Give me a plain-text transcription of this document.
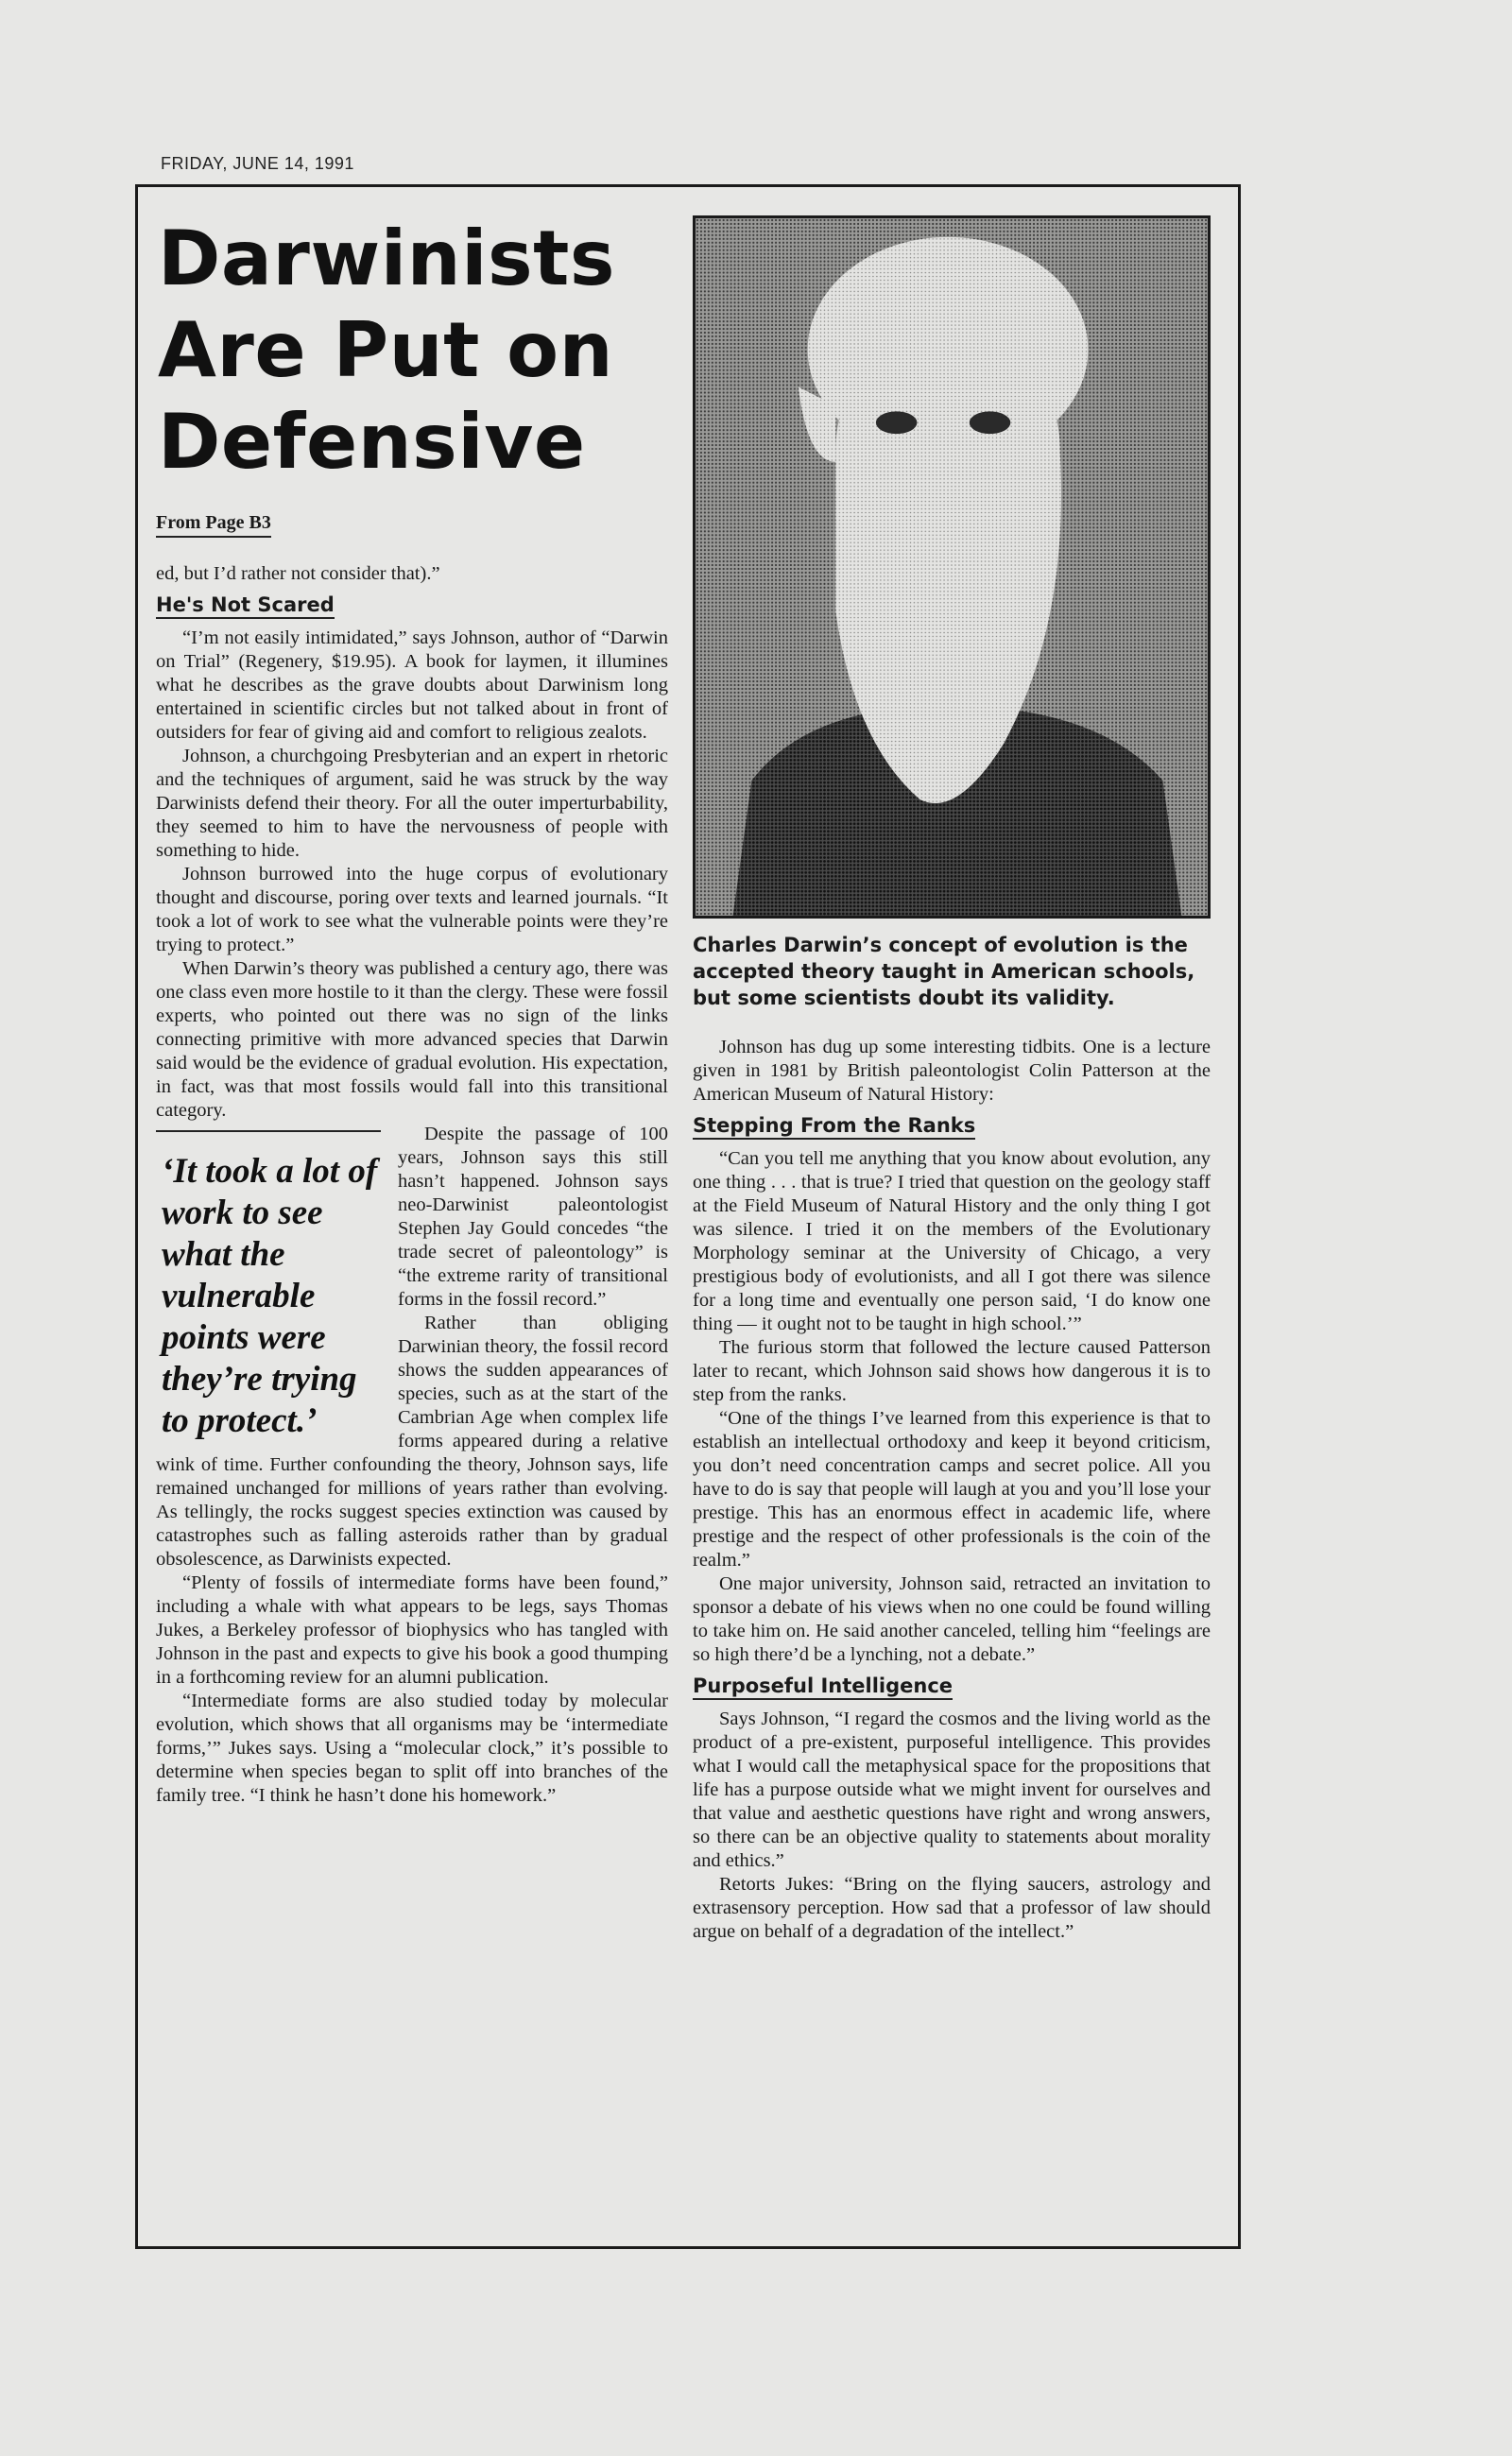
FRIDAY, JUNE 14, 1991
Darwinists Are Put on Defensive
From Page B3

ed, but I’d rather not consider that).”

He's Not Scared

“I’m not easily intimidated,” says Johnson, author of “Darwin on Trial” (Regenery, $19.95). A book for laymen, it illumines what he describes as the grave doubts about Darwinism long entertained in scientific circles but not talked about in front of outsiders for fear of giving aid and comfort to religious zealots.

Johnson, a churchgoing Presbyterian and an expert in rhetoric and the techniques of argument, said he was struck by the way Darwinists defend their theory. For all the outer imperturbability, they seemed to him to have the nervousness of people with something to hide.

Johnson burrowed into the huge corpus of evolutionary thought and discourse, poring over texts and learned journals. “It took a lot of work to see what the vulnerable points were they’re trying to protect.”

When Darwin’s theory was published a century ago, there was one class even more hostile to it than the clergy. These were fossil experts, who pointed out there was no sign of the links connecting primitive with more advanced species that Darwin said would be the evidence of gradual evolution. His expectation, in fact, was that most fossils would fall into this transitional category.

‘It took a lot of work to see what the vulnerable points were they’re trying to protect.’

Despite the passage of 100 years, Johnson says this still hasn’t happened. Johnson says neo-Darwinist paleontologist Stephen Jay Gould concedes “the trade secret of paleontology” is “the extreme rarity of transitional forms in the fossil record.”

Rather than obliging Darwinian theory, the fossil record shows the sudden appearances of species, such as at the start of the Cambrian Age when complex life forms appeared during a relative wink of time. Further confounding the theory, Johnson says, life remained unchanged for millions of years rather than evolving. As tellingly, the rocks suggest species extinction was caused by catastrophes such as falling asteroids rather than by gradual obsolescence, as Darwinists expected.

“Plenty of fossils of intermediate forms have been found,” including a whale with what appears to be legs, says Thomas Jukes, a Berkeley professor of biophysics who has tangled with Johnson in the past and expects to give his book a good thumping in a forthcoming review for an alumni publication.

“Intermediate forms are also studied today by molecular evolution, which shows that all organisms may be ‘intermediate forms,’” Jukes says. Using a “molecular clock,” it’s possible to determine when species began to split off into branches of the family tree. “I think he hasn’t done his homework.”

Charles Darwin’s concept of evolution is the accepted theory taught in American schools, but some scientists doubt its validity.

Johnson has dug up some interesting tidbits. One is a lecture given in 1981 by British paleontologist Colin Patterson at the American Museum of Natural History:

Stepping From the Ranks

“Can you tell me anything that you know about evolution, any one thing . . . that is true? I tried that question on the geology staff at the Field Museum of Natural History and the only thing I got was silence. I tried it on the members of the Evolutionary Morphology seminar at the University of Chicago, a very prestigious body of evolutionists, and all I got there was silence for a long time and eventually one person said, ‘I do know one thing — it ought not to be taught in high school.’”

The furious storm that followed the lecture caused Patterson later to recant, which Johnson said shows how dangerous it is to step from the ranks.

“One of the things I’ve learned from this experience is that to establish an intellectual orthodoxy and keep it beyond criticism, you don’t need concentration camps and secret police. All you have to do is say that people will laugh at you and you’ll lose your prestige. This has an enormous effect in academic life, where prestige and the respect of other professionals is the coin of the realm.”

One major university, Johnson said, retracted an invitation to sponsor a debate of his views when no one could be found willing to take him on. He said another canceled, telling him “feelings are so high there’d be a lynching, not a debate.”

Purposeful Intelligence

Says Johnson, “I regard the cosmos and the living world as the product of a pre-existent, purposeful intelligence. This provides what I would call the metaphysical space for the propositions that life has a purpose outside what we might invent for ourselves and that value and aesthetic questions have right and wrong answers, so there can be an objective quality to statements about morality and ethics.”

Retorts Jukes: “Bring on the flying saucers, astrology and extrasensory perception. How sad that a professor of law should argue on behalf of a degradation of the intellect.”
